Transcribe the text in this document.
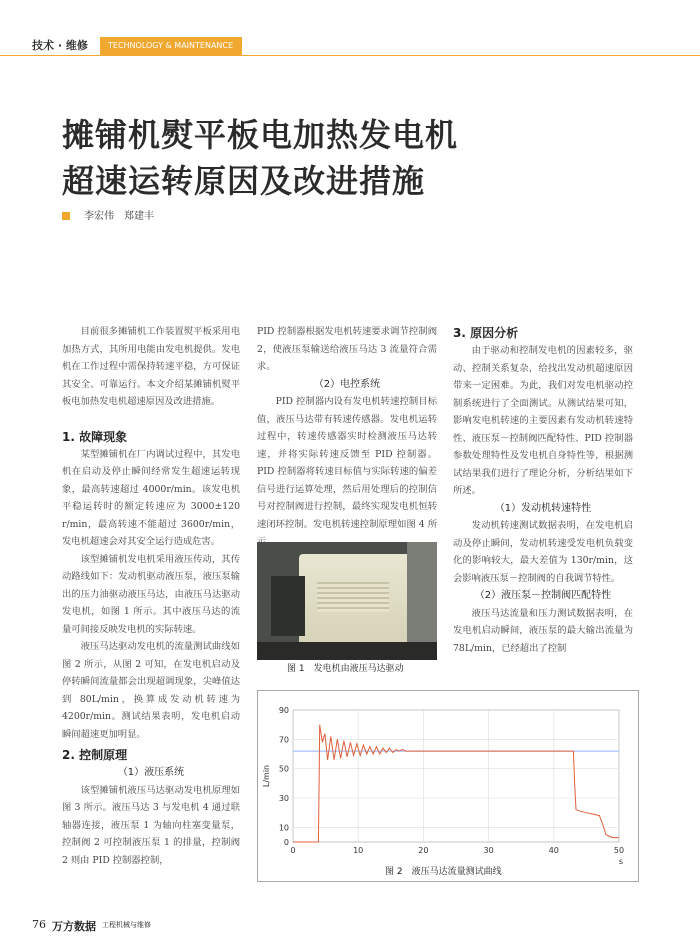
技术 · 维修	TECHNOLOGY & MAINTENANCE
摊铺机熨平板电加热发电机
超速运转原因及改进措施
李宏伟　郑建丰

目前很多摊铺机工作装置熨平板采用电加热方式，其所用电能由发电机提供。发电机在工作过程中需保持转速平稳，方可保证其安全、可靠运行。本文介绍某摊铺机熨平板电加热发电机超速原因及改进措施。

1. 故障现象

某型摊铺机在厂内调试过程中，其发电机在启动及停止瞬间经常发生超速运转现象，最高转速超过 4000r/min。该发电机平稳运转时的额定转速应为 3000±120 r/min，最高转速不能超过 3600r/min，发电机超速会对其安全运行造成危害。

该型摊铺机发电机采用液压传动，其传动路线如下：发动机驱动液压泵，液压泵输出的压力油驱动液压马达，由液压马达驱动发电机，如图 1 所示。其中液压马达的流量可间接反映发电机的实际转速。

液压马达驱动发电机的流量测试曲线如图 2 所示，从图 2 可知，在发电机启动及停转瞬间流量都会出现超调现象，尖峰值达到 80L/min，换算成发动机转速为 4200r/min。测试结果表明，发电机启动瞬间超速更加明显。

2. 控制原理
（1）液压系统

该型摊铺机液压马达驱动发电机原理如图 3 所示。液压马达 3 与发电机 4 通过联轴器连接，液压泵 1 为轴向柱塞变量泵，控制阀 2 可控制液压泵 1 的排量，控制阀 2 则由 PID 控制器控制，

PID 控制器根据发电机转速要求调节控制阀 2，使液压泵输送给液压马达 3 流量符合需求。

（2）电控系统

PID 控制器内设有发电机转速控制目标值，液压马达带有转速传感器。发电机运转过程中，转速传感器实时检测液压马达转速，并将实际转速反馈至 PID 控制器。PID 控制器将转速目标值与实际转速的偏差信号进行运算处理，然后用处理后的控制信号对控制阀进行控制，最终实现发电机恒转速闭环控制。发电机转速控制原理如图 4 所

图 1　发电机由液压马达驱动
3. 原因分析

由于驱动和控制发电机的因素较多，驱动、控制关系复杂，给找出发动机超速原因带来一定困难。为此，我们对发电机驱动控制系统进行了全面测试。从测试结果可知，影响发电机转速的主要因素有发动机转速特性、液压泵－控制阀匹配特性、PID 控制器参数处理特性及发电机自身特性等，根据测试结果我们进行了理论分析，分析结果如下所述。

（1）发动机转速特性

发动机转速测试数据表明，在发电机启动及停止瞬间，发动机转速受发电机负载变化的影响较大，最大差值为 130r/min，这会影响液压泵－控制阀的自我调节特性。

（2）液压泵－控制阀匹配特性

液压马达流量和压力测试数据表明，在发电机启动瞬间，液压泵的最大输出流量为 78L/min，已经超出了控制

0
10
30
50
70
90
0	10	20	30	40	50
L/min
s
图 2　液压马达流量测试曲线
76 万方数据 工程机械与维修
